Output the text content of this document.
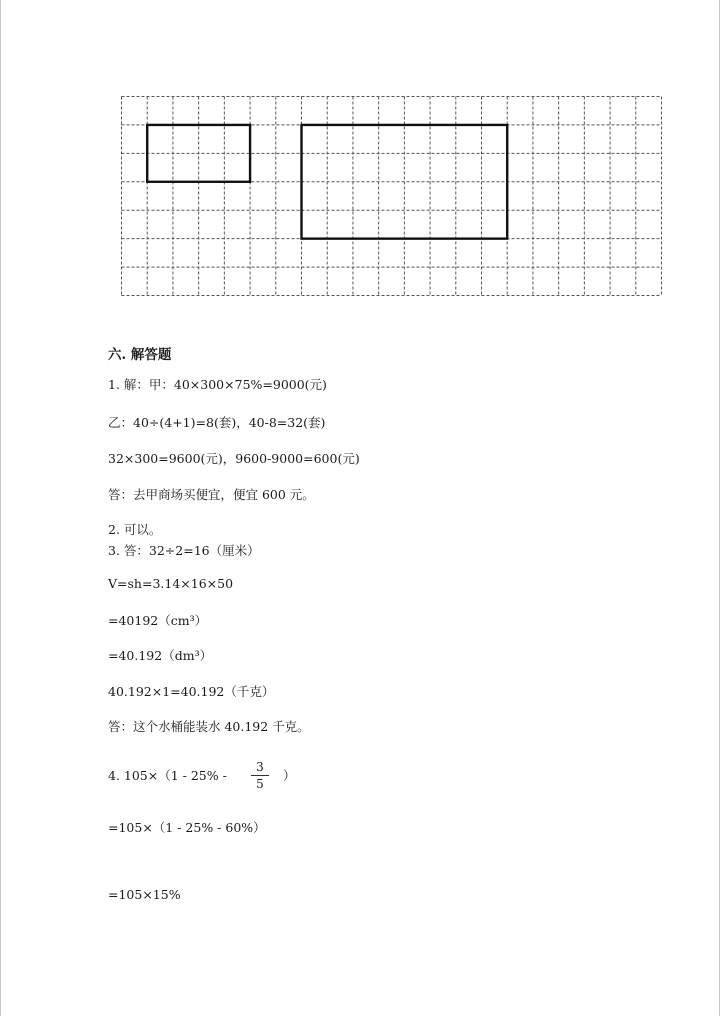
六. 解答题
1. 解：甲：40×300×75%=9000(元)
乙：40÷(4+1)=8(套)，40-8=32(套)
32×300=9600(元)，9600-9000=600(元)
答：去甲商场买便宜，便宜 600 元。
2. 可以。
3. 答：32÷2=16（厘米）
V=sh=3.14×16×50
=40192（cm³）
=40.192（dm³）
40.192×1=40.192（千克）
答：这个水桶能装水 40.192 千克。
4. 105×（1 - 25% -
3
5
）
=105×（1 - 25% - 60%）
=105×15%
